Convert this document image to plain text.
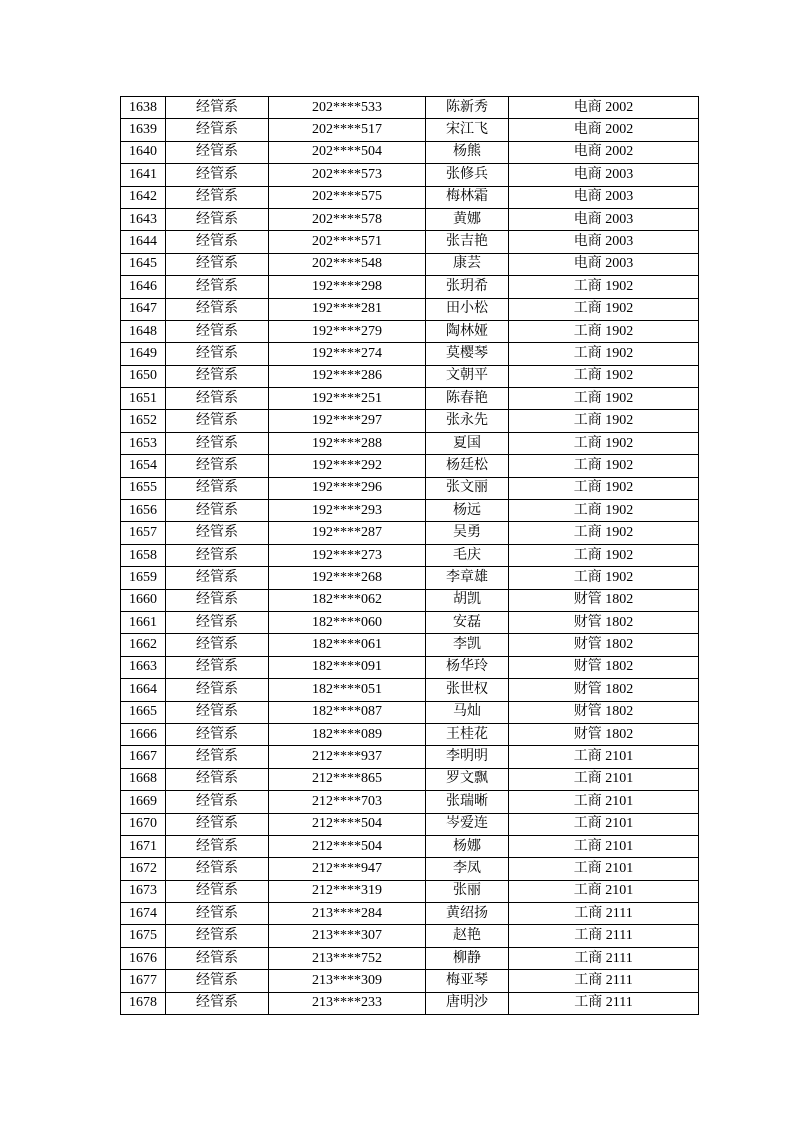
1638	经管系	202****533	陈新秀	电商 2002
1639	经管系	202****517	宋江飞	电商 2002
1640	经管系	202****504	杨熊	电商 2002
1641	经管系	202****573	张修兵	电商 2003
1642	经管系	202****575	梅林霜	电商 2003
1643	经管系	202****578	黄娜	电商 2003
1644	经管系	202****571	张吉艳	电商 2003
1645	经管系	202****548	康芸	电商 2003
1646	经管系	192****298	张玥希	工商 1902
1647	经管系	192****281	田小松	工商 1902
1648	经管系	192****279	陶林娅	工商 1902
1649	经管系	192****274	莫樱琴	工商 1902
1650	经管系	192****286	文朝平	工商 1902
1651	经管系	192****251	陈春艳	工商 1902
1652	经管系	192****297	张永先	工商 1902
1653	经管系	192****288	夏国	工商 1902
1654	经管系	192****292	杨廷松	工商 1902
1655	经管系	192****296	张文丽	工商 1902
1656	经管系	192****293	杨远	工商 1902
1657	经管系	192****287	吴勇	工商 1902
1658	经管系	192****273	毛庆	工商 1902
1659	经管系	192****268	李章雄	工商 1902
1660	经管系	182****062	胡凯	财管 1802
1661	经管系	182****060	安磊	财管 1802
1662	经管系	182****061	李凯	财管 1802
1663	经管系	182****091	杨华玲	财管 1802
1664	经管系	182****051	张世权	财管 1802
1665	经管系	182****087	马灿	财管 1802
1666	经管系	182****089	王桂花	财管 1802
1667	经管系	212****937	李明明	工商 2101
1668	经管系	212****865	罗文飘	工商 2101
1669	经管系	212****703	张瑞晰	工商 2101
1670	经管系	212****504	岑爱连	工商 2101
1671	经管系	212****504	杨娜	工商 2101
1672	经管系	212****947	李凤	工商 2101
1673	经管系	212****319	张丽	工商 2101
1674	经管系	213****284	黄绍扬	工商 2111
1675	经管系	213****307	赵艳	工商 2111
1676	经管系	213****752	柳静	工商 2111
1677	经管系	213****309	梅亚琴	工商 2111
1678	经管系	213****233	唐明沙	工商 2111
